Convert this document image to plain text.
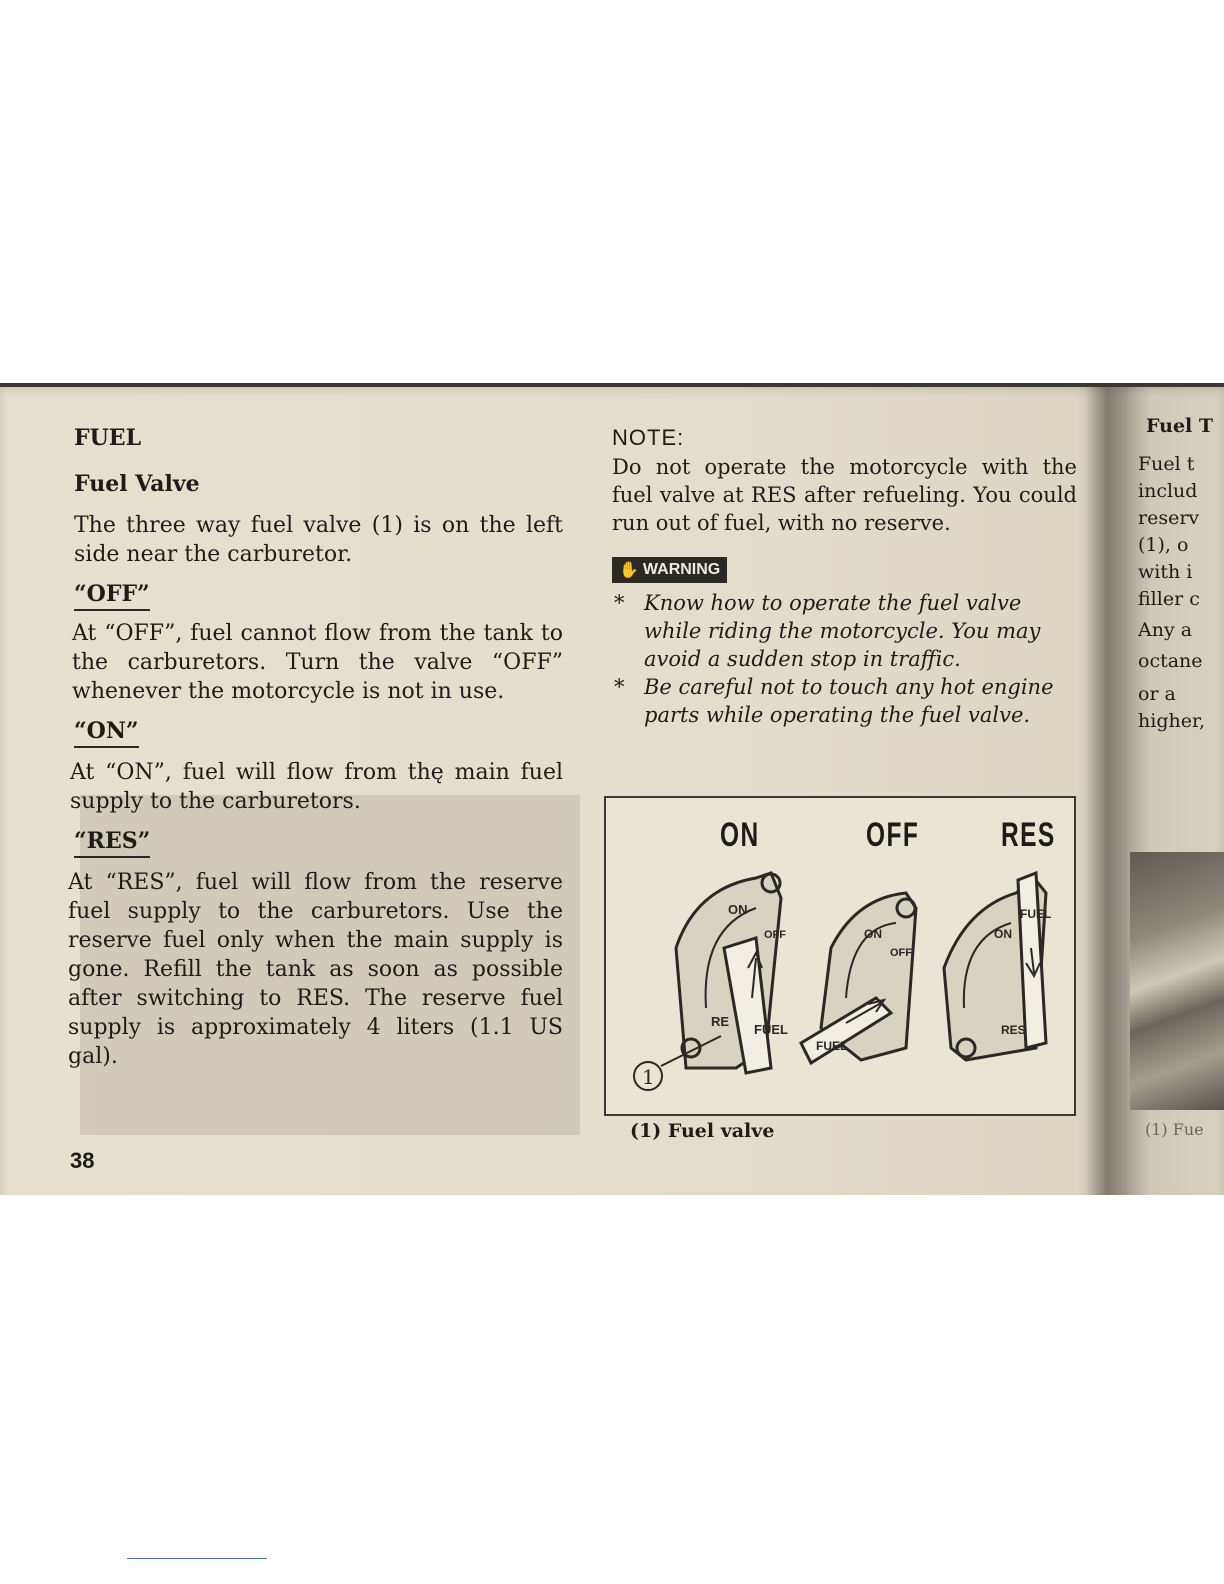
FUEL
Fuel Valve

The three way fuel valve (1) is on the left side near the carburetor.

“OFF”

At “OFF”, fuel cannot flow from the tank to the carburetors. Turn the valve “OFF” whenever the motorcycle is not in use.

“ON”

At “ON”, fuel will flow from thę main fuel supply to the carburetors.

“RES”

At “RES”, fuel will flow from the reserve fuel supply to the carburetors. Use the reserve fuel only when the main supply is gone. Refill the tank as soon as possible after switching to RES. The reserve fuel supply is approximately 4 liters (1.1 US gal).

38
NOTE:
Do not operate the motorcycle with the fuel valve at RES after refueling. You could run out of fuel, with no reserve.
✋ WARNING
* Know how to operate the fuel valve while riding the motorcycle. You may avoid a sudden stop in traffic.
* Be careful not to touch any hot engine parts while operating the fuel valve.
ON	OFF RES
ON
OFF
RE
FUEL
ON
OFF
FUEL
ON
FUEL
RES
1
(1) Fuel valve
Fuel T
Fuel t
includ
reserv
(1), o
with i
filler c
Any a
octane
or a
higher,
(1) Fue
